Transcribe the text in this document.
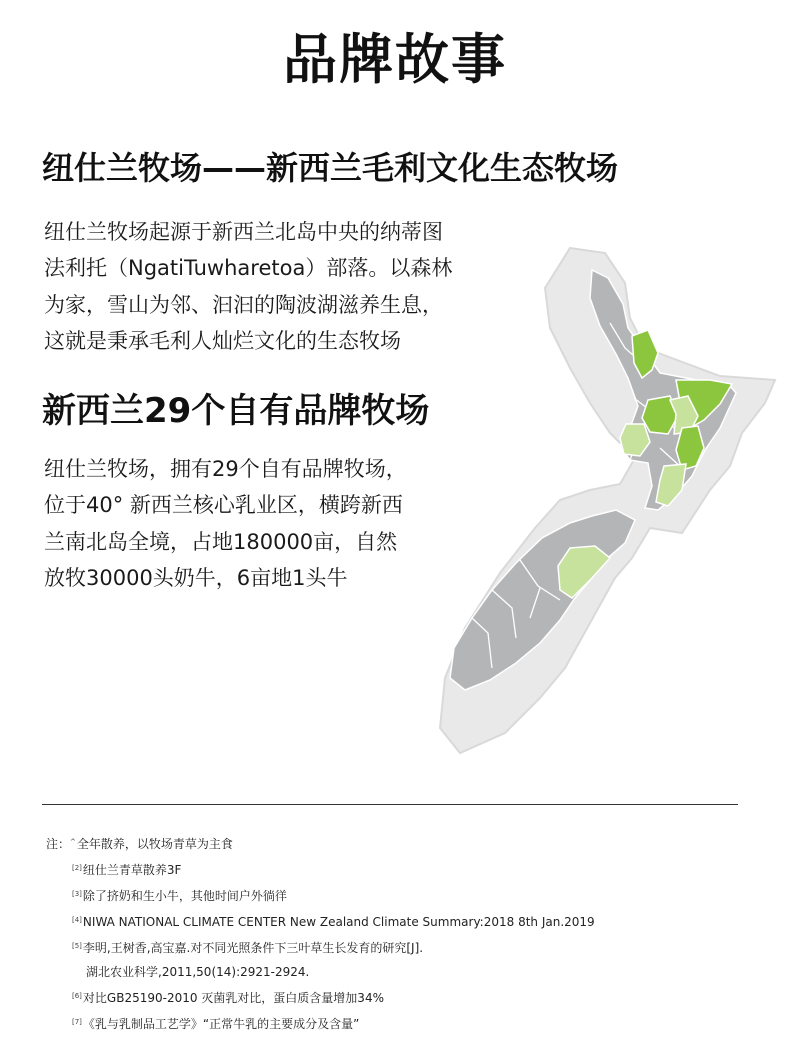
品牌故事
纽仕兰牧场——新西兰毛利文化生态牧场
纽仕兰牧场起源于新西兰北岛中央的纳蒂图
法利托（NgatiTuwharetoa）部落。以森林
为家，雪山为邻、汩汩的陶波湖滋养生息，
这就是秉承毛利人灿烂文化的生态牧场
新西兰29个自有品牌牧场
纽仕兰牧场，拥有29个自有品牌牧场，
位于40° 新西兰核心乳业区，横跨新西
兰南北岛全境，占地180000亩，自然
放牧30000头奶牛，6亩地1头牛
注：^全年散养，以牧场青草为主食
[2]纽仕兰青草散养3F
[3]除了挤奶和生小牛，其他时间户外徜徉
[4]NIWA NATIONAL CLIMATE CENTER New Zealand Climate Summary:2018 8th Jan.2019
[5]李明,王树香,高宝嘉.对不同光照条件下三叶草生长发育的研究[J].
湖北农业科学,2011,50(14):2921-2924.
[6]对比GB25190-2010 灭菌乳对比，蛋白质含量增加34%
[7]《乳与乳制品工艺学》“正常牛乳的主要成分及含量”
